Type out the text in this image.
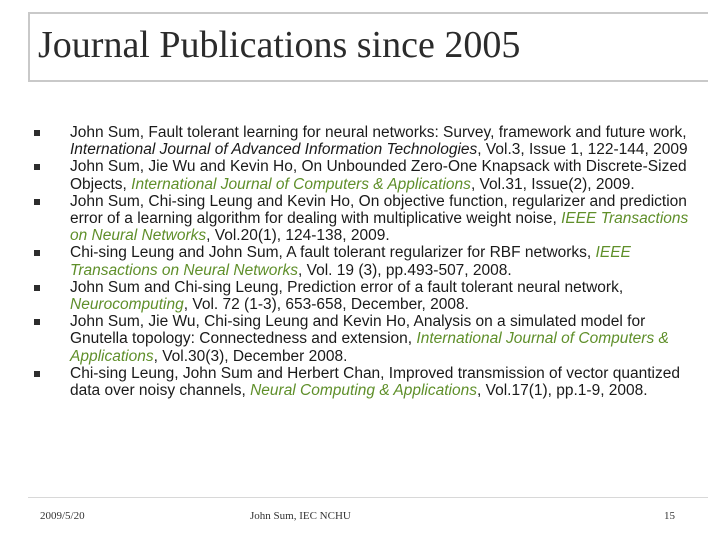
Journal Publications since 2005
John Sum, Fault tolerant learning for neural networks: Survey, framework and future work, International Journal of Advanced Information Technologies, Vol.3, Issue 1, 122-144, 2009
John Sum, Jie Wu and Kevin Ho, On Unbounded Zero-One Knapsack with Discrete-Sized Objects, International Journal of Computers & Applications, Vol.31, Issue(2), 2009.
John Sum, Chi-sing Leung and Kevin Ho, On objective function, regularizer and prediction error of a learning algorithm for dealing with multiplicative weight noise, IEEE Transactions on Neural Networks, Vol.20(1), 124-138, 2009.
Chi-sing Leung and John Sum, A fault tolerant regularizer for RBF networks, IEEE Transactions on Neural Networks, Vol. 19 (3), pp.493-507, 2008.
John Sum and Chi-sing Leung, Prediction error of a fault tolerant neural network, Neurocomputing, Vol. 72 (1-3), 653-658, December, 2008.
John Sum, Jie Wu, Chi-sing Leung and Kevin Ho, Analysis on a simulated model for Gnutella topology: Connectedness and extension, International Journal of Computers & Applications, Vol.30(3), December 2008.
Chi-sing Leung, John Sum and Herbert Chan, Improved transmission of vector quantized data over noisy channels, Neural Computing & Applications, Vol.17(1), pp.1-9, 2008.
2009/5/20	John Sum, IEC NCHU	15
